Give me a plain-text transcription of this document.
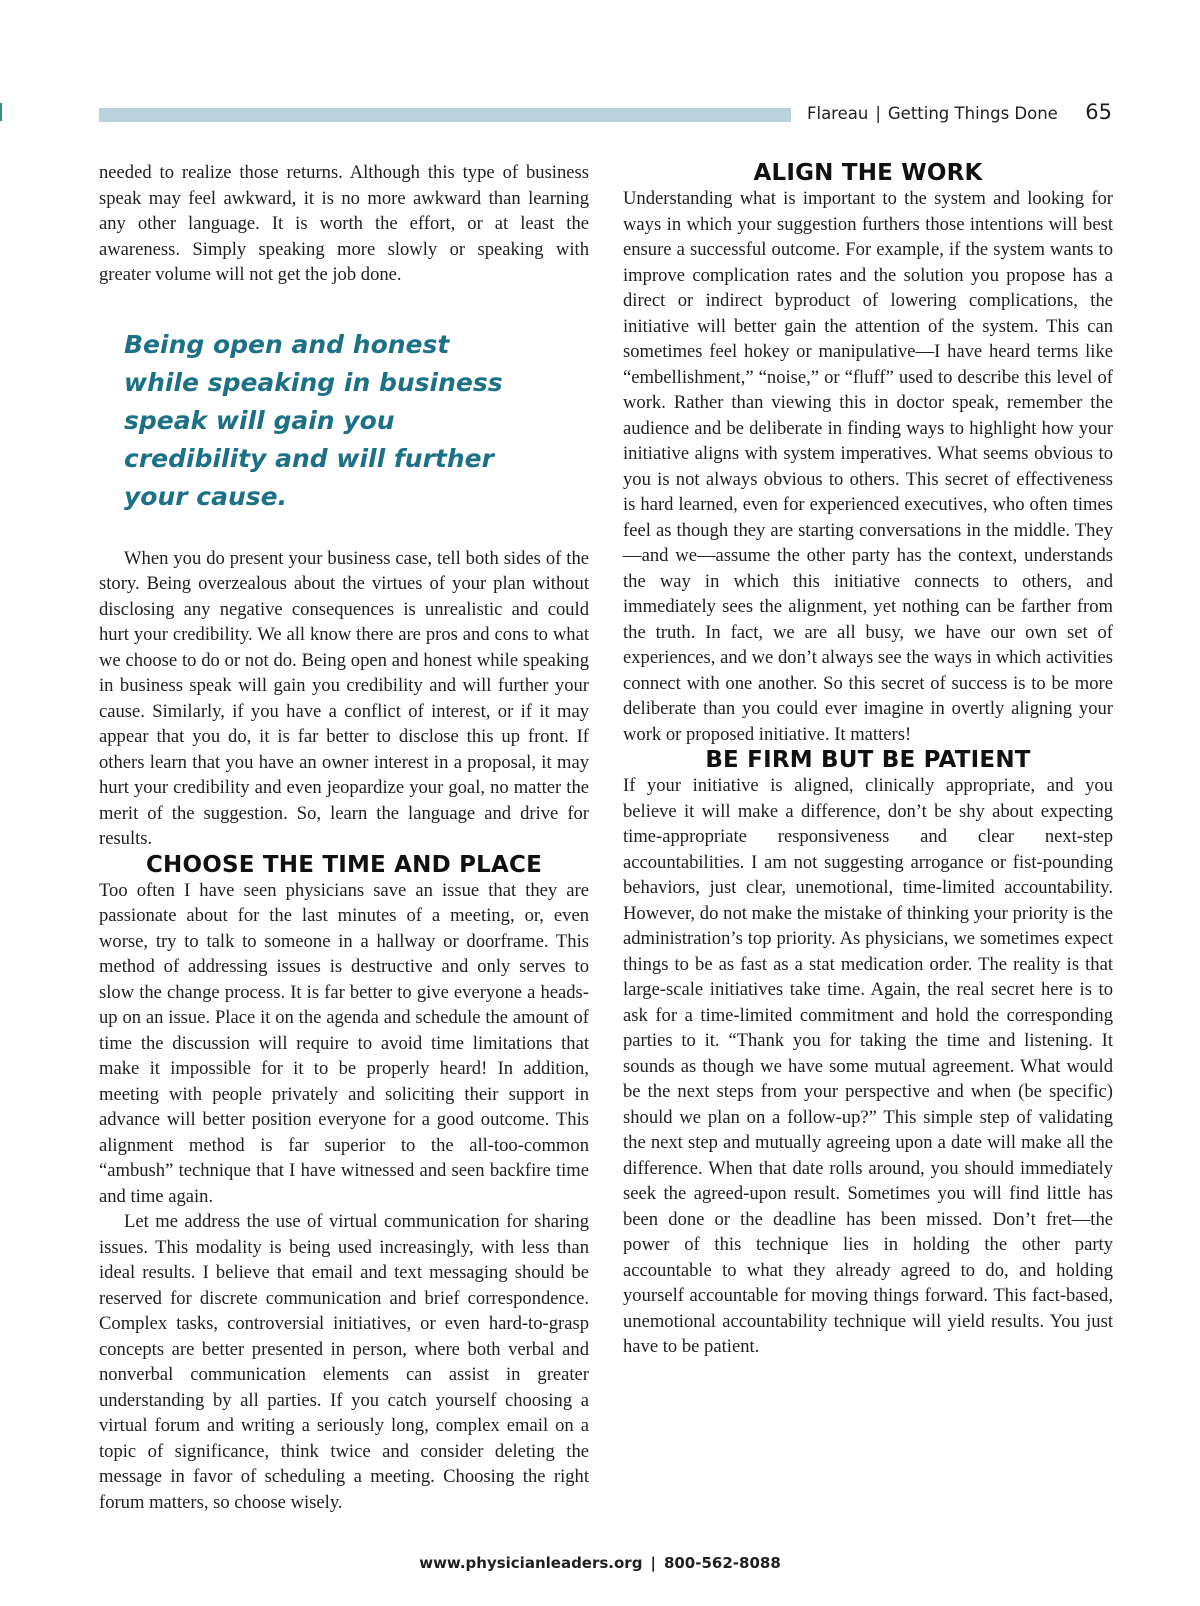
Flareau | Getting Things Done 65

needed to realize those returns. Although this type of business speak may feel awkward, it is no more awkward than learning any other language. It is worth the effort, or at least the awareness. Simply speaking more slowly or speaking with greater volume will not get the job done.

Being open and honest while speaking in business speak will gain you credibility and will further your cause.

When you do present your business case, tell both sides of the story. Being overzealous about the virtues of your plan without disclosing any negative consequences is unrealistic and could hurt your credibility. We all know there are pros and cons to what we choose to do or not do. Being open and honest while speaking in business speak will gain you credibility and will further your cause. Similarly, if you have a conflict of interest, or if it may appear that you do, it is far better to disclose this up front. If others learn that you have an owner interest in a proposal, it may hurt your credibility and even jeopardize your goal, no matter the merit of the suggestion. So, learn the language and drive for results.

CHOOSE THE TIME AND PLACE

Too often I have seen physicians save an issue that they are passionate about for the last minutes of a meeting, or, even worse, try to talk to someone in a hallway or doorframe. This method of addressing issues is destructive and only serves to slow the change process. It is far better to give everyone a heads-up on an issue. Place it on the agenda and schedule the amount of time the discussion will require to avoid time limitations that make it impossible for it to be properly heard! In addition, meeting with people privately and soliciting their support in advance will better position everyone for a good outcome. This alignment method is far superior to the all-too-common “ambush” technique that I have witnessed and seen backfire time and time again.

Let me address the use of virtual communication for sharing issues. This modality is being used increasingly, with less than ideal results. I believe that email and text messaging should be reserved for discrete communication and brief correspondence. Complex tasks, controversial initiatives, or even hard-to-grasp concepts are better presented in person, where both verbal and nonverbal communication elements can assist in greater understanding by all parties. If you catch yourself choosing a virtual forum and writing a seriously long, complex email on a topic of significance, think twice and consider deleting the message in favor of scheduling a meeting. Choosing the right forum matters, so choose wisely.

ALIGN THE WORK

Understanding what is important to the system and looking for ways in which your suggestion furthers those intentions will best ensure a successful outcome. For example, if the system wants to improve complication rates and the solution you propose has a direct or indirect byproduct of lowering complications, the initiative will better gain the attention of the system. This can sometimes feel hokey or manipulative—I have heard terms like “embellishment,” “noise,” or “fluff” used to describe this level of work. Rather than viewing this in doctor speak, remember the audience and be deliberate in finding ways to highlight how your initiative aligns with system imperatives. What seems obvious to you is not always obvious to others. This secret of effectiveness is hard learned, even for experienced executives, who often times feel as though they are starting conversations in the middle. They—and we—assume the other party has the context, understands the way in which this initiative connects to others, and immediately sees the alignment, yet nothing can be farther from the truth. In fact, we are all busy, we have our own set of experiences, and we don’t always see the ways in which activities connect with one another. So this secret of success is to be more deliberate than you could ever imagine in overtly aligning your work or proposed initiative. It matters!

BE FIRM BUT BE PATIENT

If your initiative is aligned, clinically appropriate, and you believe it will make a difference, don’t be shy about expecting time-appropriate responsiveness and clear next-step accountabilities. I am not suggesting arrogance or fist-pounding behaviors, just clear, unemotional, time-limited accountability. However, do not make the mistake of thinking your priority is the administration’s top priority. As physicians, we sometimes expect things to be as fast as a stat medication order. The reality is that large-scale initiatives take time. Again, the real secret here is to ask for a time-limited commitment and hold the corresponding parties to it. “Thank you for taking the time and listening. It sounds as though we have some mutual agreement. What would be the next steps from your perspective and when (be specific) should we plan on a follow-up?” This simple step of validating the next step and mutually agreeing upon a date will make all the difference. When that date rolls around, you should immediately seek the agreed-upon result. Sometimes you will find little has been done or the deadline has been missed. Don’t fret—the power of this technique lies in holding the other party accountable to what they already agreed to do, and holding yourself accountable for moving things forward. This fact-based, unemotional accountability technique will yield results. You just have to be patient.

www.physicianleaders.org | 800-562-8088
